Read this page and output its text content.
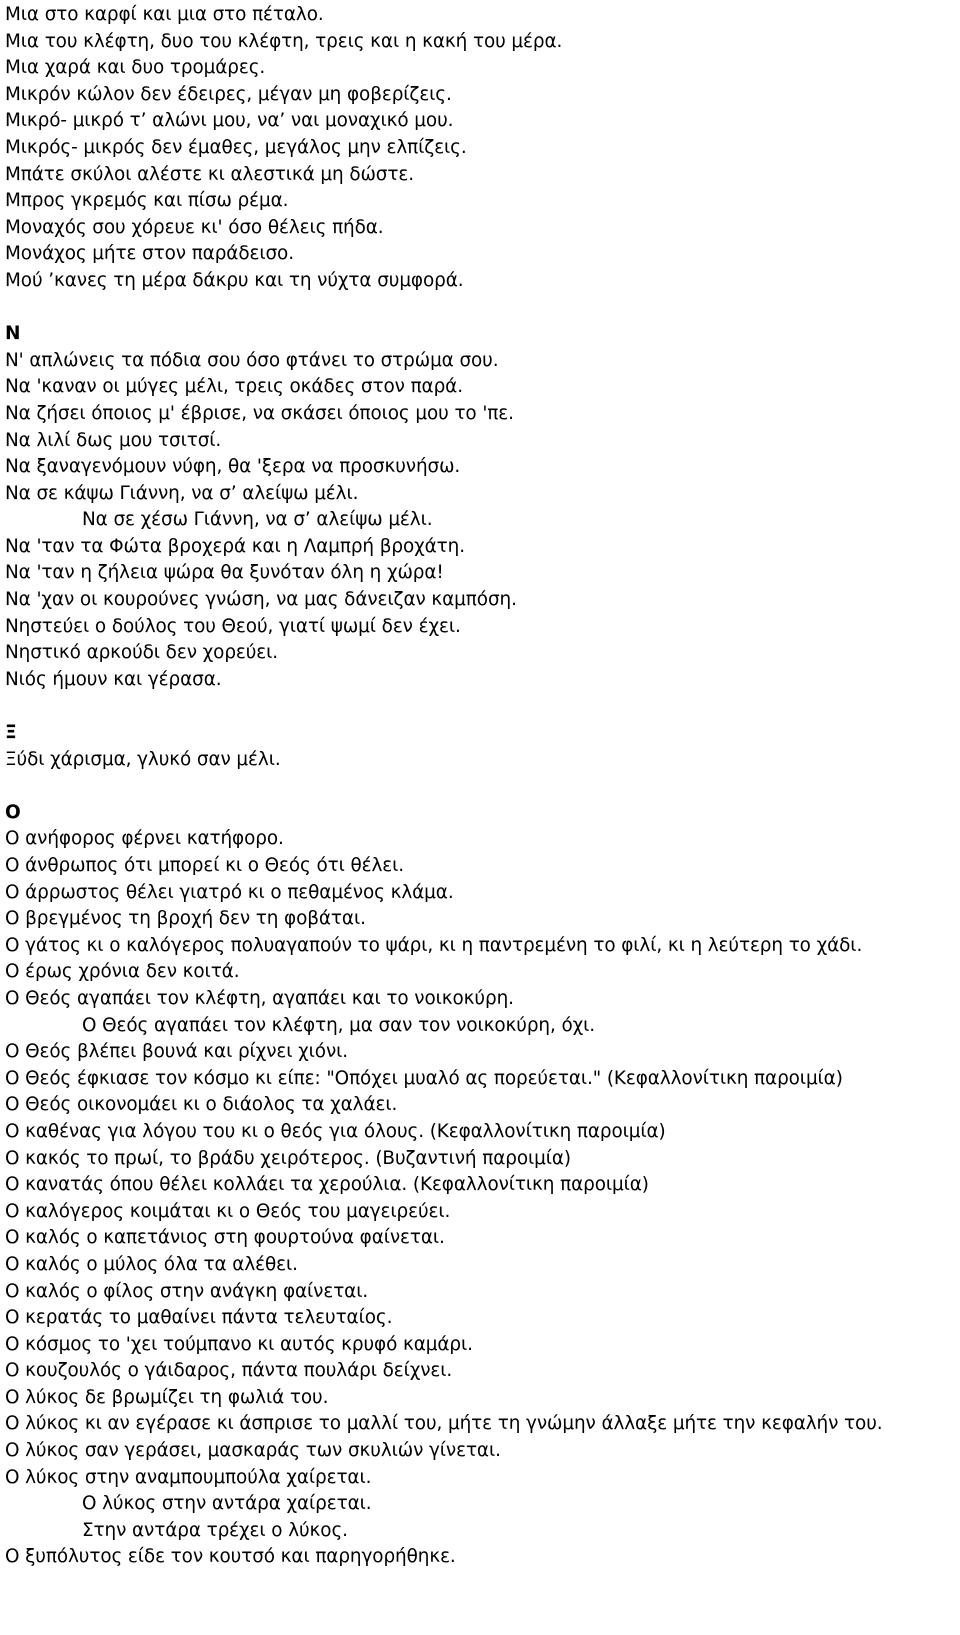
Μια στο καρφί και μια στο πέταλο.
Μια του κλέφτη, δυο του κλέφτη, τρεις και η κακή του μέρα.
Μια χαρά και δυο τρομάρες.
Μικρόν κώλον δεν έδειρες, μέγαν μη φοβερίζεις.
Μικρό- μικρό τ’ αλώνι μου, να’ ναι μοναχικό μου.
Μικρός- μικρός δεν έμαθες, μεγάλος μην ελπίζεις.
Μπάτε σκύλοι αλέστε κι αλεστικά μη δώστε.
Μπρος γκρεμός και πίσω ρέμα.
Μοναχός σου χόρευε κι' όσο θέλεις πήδα.
Μονάχος μήτε στον παράδεισο.
Μού ’κανες τη μέρα δάκρυ και τη νύχτα συμφορά.
Ν
Ν' απλώνεις τα πόδια σου όσο φτάνει το στρώμα σου.
Να 'καναν οι μύγες μέλι, τρεις οκάδες στον παρά.
Να ζήσει όποιος μ' έβρισε, να σκάσει όποιος μου το 'πε.
Να λιλί δως μου τσιτσί.
Να ξαναγενόμουν νύφη, θα 'ξερα να προσκυνήσω.
Να σε κάψω Γιάννη, να σ’ αλείψω μέλι.
Να σε χέσω Γιάννη, να σ’ αλείψω μέλι.
Να 'ταν τα Φώτα βροχερά και η Λαμπρή βροχάτη.
Να 'ταν η ζήλεια ψώρα θα ξυνόταν όλη η χώρα!
Να 'χαν οι κουρούνες γνώση, να μας δάνειζαν καμπόση.
Νηστεύει ο δούλος του Θεού, γιατί ψωμί δεν έχει.
Νηστικό αρκούδι δεν χορεύει.
Νιός ήμουν και γέρασα.
Ξ
Ξύδι χάρισμα, γλυκό σαν μέλι.
Ο
Ο ανήφορος φέρνει κατήφορο.
Ο άνθρωπος ότι μπορεί κι ο Θεός ότι θέλει.
Ο άρρωστος θέλει γιατρό κι ο πεθαμένος κλάμα.
Ο βρεγμένος τη βροχή δεν τη φοβάται.
Ο γάτος κι ο καλόγερος πολυαγαπούν το ψάρι, κι η παντρεμένη το φιλί, κι η λεύτερη το χάδι.
Ο έρως χρόνια δεν κοιτά.
Ο Θεός αγαπάει τον κλέφτη, αγαπάει και το νοικοκύρη.
Ο Θεός αγαπάει τον κλέφτη, μα σαν τον νοικοκύρη, όχι.
Ο Θεός βλέπει βουνά και ρίχνει χιόνι.
Ο Θεός έφκιασε τον κόσμο κι είπε: "Οπόχει μυαλό ας πορεύεται." (Κεφαλλονίτικη παροιμία)
Ο Θεός οικονομάει κι ο διάολος τα χαλάει.
Ο καθένας για λόγου του κι ο θεός για όλους. (Κεφαλλονίτικη παροιμία)
Ο κακός το πρωί, το βράδυ χειρότερος. (Βυζαντινή παροιμία)
Ο κανατάς όπου θέλει κολλάει τα χερούλια. (Κεφαλλονίτικη παροιμία)
Ο καλόγερος κοιμάται κι ο Θεός του μαγειρεύει.
Ο καλός ο καπετάνιος στη φουρτούνα φαίνεται.
Ο καλός ο μύλος όλα τα αλέθει.
Ο καλός ο φίλος στην ανάγκη φαίνεται.
Ο κερατάς το μαθαίνει πάντα τελευταίος.
Ο κόσμος το 'χει τούμπανο κι αυτός κρυφό καμάρι.
Ο κουζουλός ο γάιδαρος, πάντα πουλάρι δείχνει.
Ο λύκος δε βρωμίζει τη φωλιά του.
Ο λύκος κι αν εγέρασε κι άσπρισε το μαλλί του, μήτε τη γνώμην άλλαξε μήτε την κεφαλήν του.
Ο λύκος σαν γεράσει, μασκαράς των σκυλιών γίνεται.
Ο λύκος στην αναμπουμπούλα χαίρεται.
Ο λύκος στην αντάρα χαίρεται.
Στην αντάρα τρέχει ο λύκος.
Ο ξυπόλυτος είδε τον κουτσό και παρηγορήθηκε.
